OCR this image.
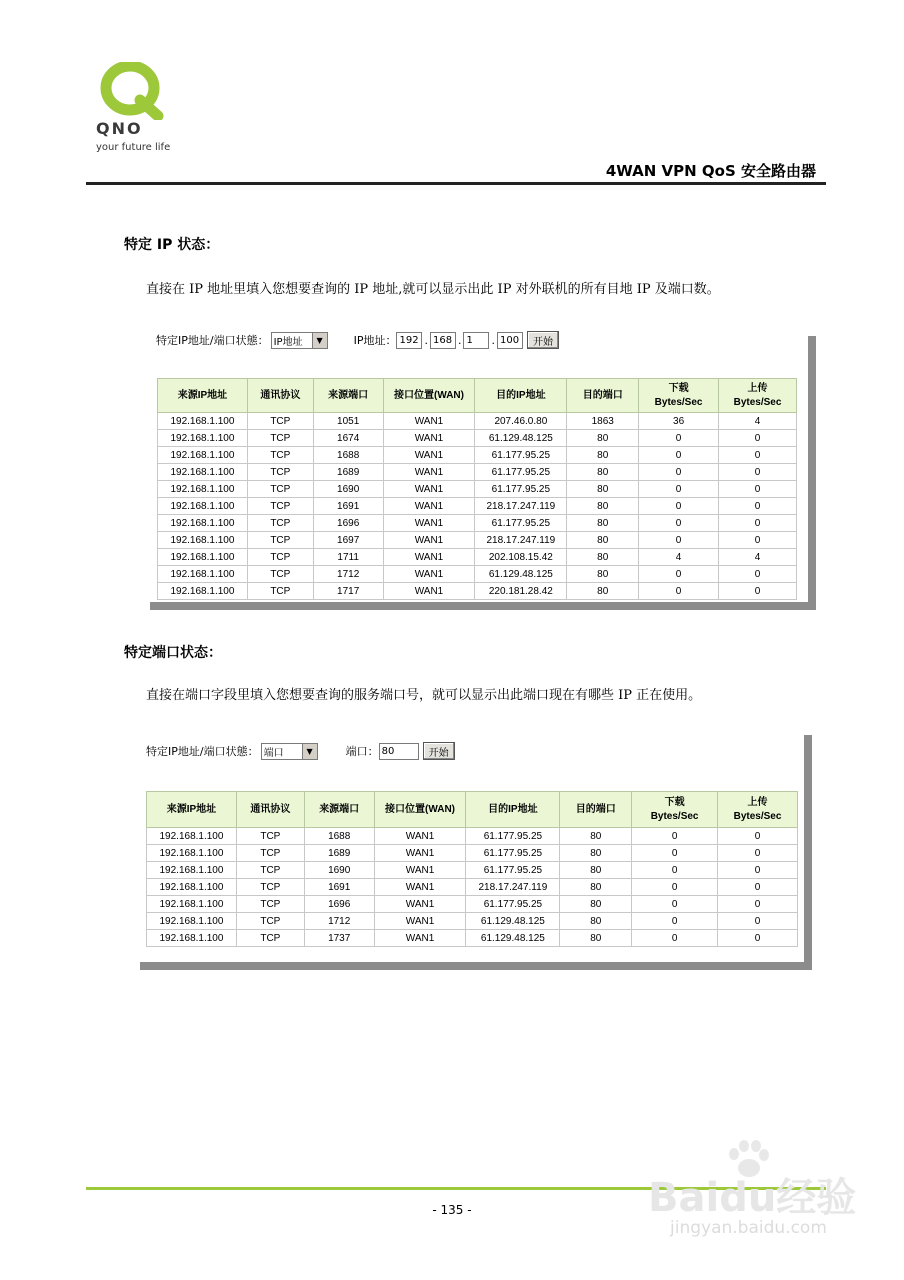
QNO
your future life
4WAN VPN QoS 安全路由器
特定 IP 状态：
直接在 IP 地址里填入您想要查询的 IP 地址,就可以显示出此 IP 对外联机的所有目地 IP 及端口数。
特定IP地址/端口状態： IP地址	▼	IP地址： 192 . 168 . 1	. 100	开始
来源IP地址	通讯协议	来源端口	接口位置(WAN)	目的IP地址	目的端口	下载
Bytes/Sec	上传
Bytes/Sec
192.168.1.100	TCP	1051	WAN1	207.46.0.80	1863	36	4
192.168.1.100	TCP	1674	WAN1	61.129.48.125	80	0	0
192.168.1.100	TCP	1688	WAN1	61.177.95.25	80	0	0
192.168.1.100	TCP	1689	WAN1	61.177.95.25	80	0	0
192.168.1.100	TCP	1690	WAN1	61.177.95.25	80	0	0
192.168.1.100	TCP	1691	WAN1	218.17.247.119	80	0	0
192.168.1.100	TCP	1696	WAN1	61.177.95.25	80	0	0
192.168.1.100	TCP	1697	WAN1	218.17.247.119	80	0	0
192.168.1.100	TCP	1711	WAN1	202.108.15.42	80	4	4
192.168.1.100	TCP	1712	WAN1	61.129.48.125	80	0	0
192.168.1.100	TCP	1717	WAN1	220.181.28.42	80	0	0
特定端口状态：
直接在端口字段里填入您想要查询的服务端口号，就可以显示出此端口现在有哪些 IP 正在使用。
特定IP地址/端口状態： 端口	▼	端口： 80	开始
来源IP地址	通讯协议	来源端口	接口位置(WAN)	目的IP地址	目的端口	下载
Bytes/Sec	上传
Bytes/Sec
192.168.1.100	TCP	1688	WAN1	61.177.95.25	80	0	0
192.168.1.100	TCP	1689	WAN1	61.177.95.25	80	0	0
192.168.1.100	TCP	1690	WAN1	61.177.95.25	80	0	0
192.168.1.100	TCP	1691	WAN1	218.17.247.119	80	0	0
192.168.1.100	TCP	1696	WAN1	61.177.95.25	80	0	0
192.168.1.100	TCP	1712	WAN1	61.129.48.125	80	0	0
192.168.1.100	TCP	1737	WAN1	61.129.48.125	80	0	0
- 135 -	Baidu经验
jingyan.baidu.com
